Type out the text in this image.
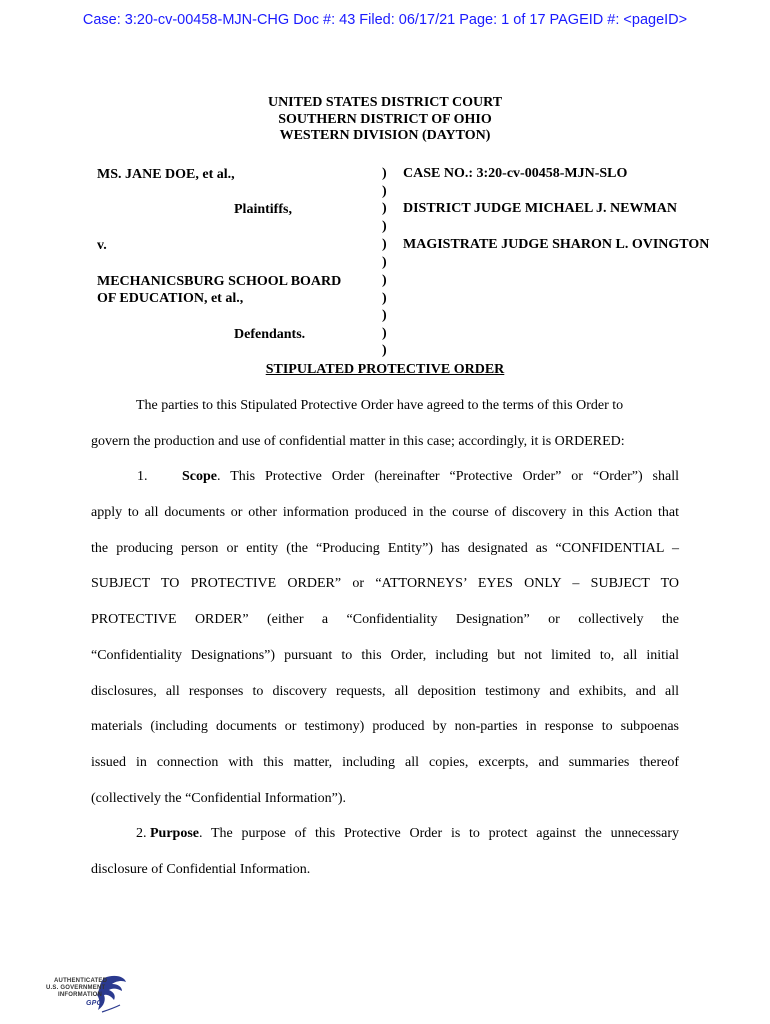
Case: 3:20-cv-00458-MJN-CHG Doc #: 43 Filed: 06/17/21 Page: 1 of 17 PAGEID #: <pageID>
UNITED STATES DISTRICT COURT
SOUTHERN DISTRICT OF OHIO
WESTERN DIVISION (DAYTON)
MS. JANE DOE, et al.,
Plaintiffs,
v.
MECHANICSBURG SCHOOL BOARD
OF EDUCATION, et al.,
Defendants.
)
)
)
)
)
)
)
)
)
)
)
CASE NO.: 3:20-cv-00458-MJN-SLO
DISTRICT JUDGE MICHAEL J. NEWMAN
MAGISTRATE JUDGE SHARON L. OVINGTON
STIPULATED PROTECTIVE ORDER
The parties to this Stipulated Protective Order have agreed to the terms of this Order to
govern the production and use of confidential matter in this case; accordingly, it is ORDERED:
1. Scope . This Protective Order (hereinafter “Protective Order” or “Order”) shall
apply to all documents or other information produced in the course of discovery in this Action that
the producing person or entity (the “Producing Entity”) has designated as “CONFIDENTIAL –
SUBJECT TO PROTECTIVE ORDER” or “ATTORNEYS’ EYES ONLY – SUBJECT TO
PROTECTIVE ORDER” (either a “Confidentiality Designation” or collectively the
“Confidentiality Designations”) pursuant to this Order, including but not limited to, all initial
disclosures, all responses to discovery requests, all deposition testimony and exhibits, and all
materials (including documents or testimony) produced by non-parties in response to subpoenas
issued in connection with this matter, including all copies, excerpts, and summaries thereof
(collectively the “Confidential Information”).
2.
Purpose . The purpose of this Protective Order is to protect against the unnecessary
disclosure of Confidential Information.
AUTHENTICATED
U.S. GOVERNMENT
INFORMATION
GPO
